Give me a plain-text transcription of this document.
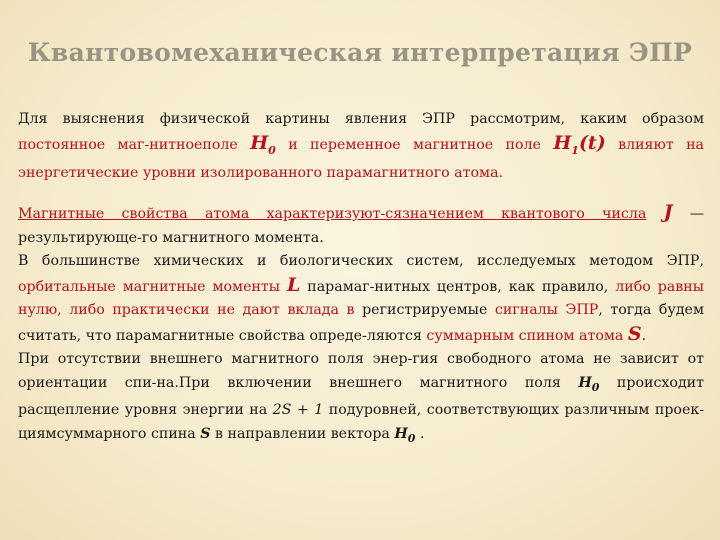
Квантовомеханическая интерпретация ЭПР

Для выяснения физической картины явления ЭПР рассмотрим, каким образом постоянное маг-нитноеполе $H_0$ и переменное магнитное поле $H_1(t)$ влияют на энергетические уровни изолированного парамагнитного атома.

Магнитные свойства атома характеризуют-сязначением квантового числа J — результирующе-го магнитного момента.

В большинстве химических и биологических систем, исследуемых методом ЭПР, орбитальные магнитные моменты L парамаг-нитных центров, как правило, либо равны нулю, либо практически не дают вклада в регистрируемые сигналы ЭПР, тогда будем считать, что парамагнитные свойства опреде-ляются суммарным спином атома S.

При отсутствии внешнего магнитного поля энер-гия свободного атома не зависит от ориентации спи-на.При включении внешнего магнитного поля $H_0$ происходит расщепление уровня энергии на 2S + 1 подуровней, соответствующих различным проек-циямсуммарного спина S в направлении вектора $H_0$ .
